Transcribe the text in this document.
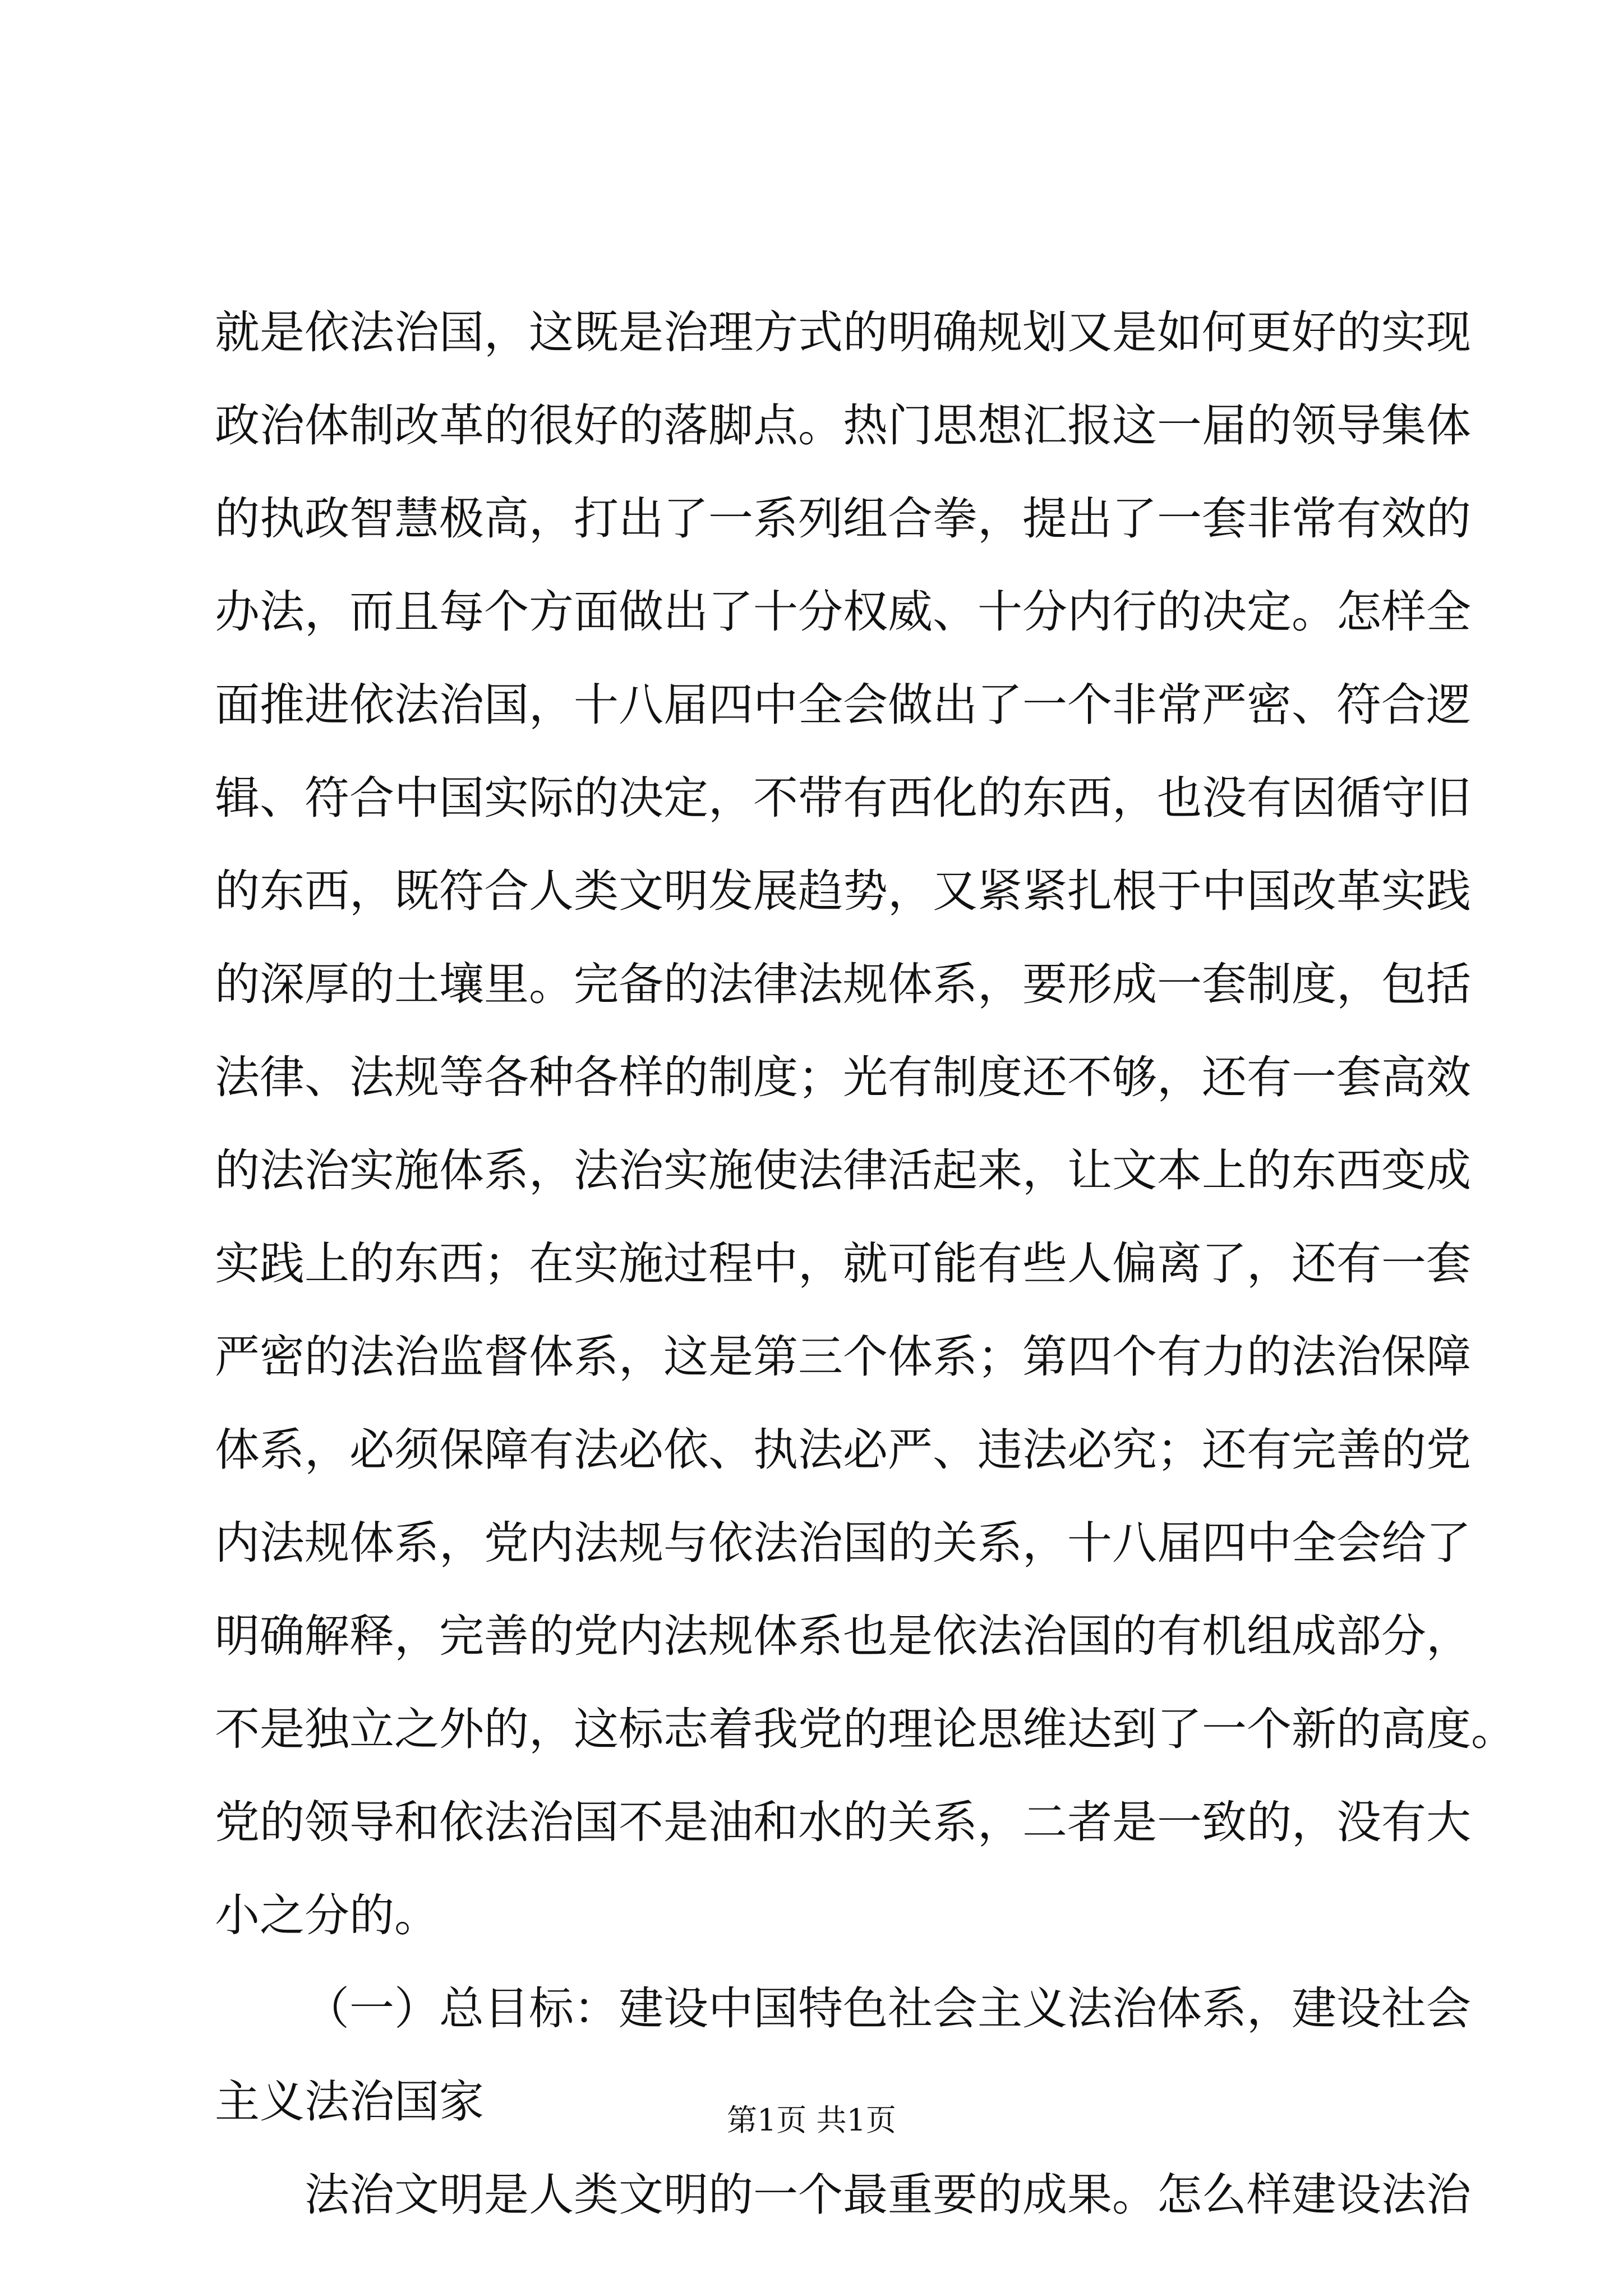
就是依法治国，这既是治理方式的明确规划又是如何更好的实现
政治体制改革的很好的落脚点。热门思想汇报这一届的领导集体
的执政智慧极高，打出了一系列组合拳，提出了一套非常有效的
办法，而且每个方面做出了十分权威、十分内行的决定。怎样全
面推进依法治国，十八届四中全会做出了一个非常严密、符合逻
辑、符合中国实际的决定，不带有西化的东西，也没有因循守旧
的东西，既符合人类文明发展趋势，又紧紧扎根于中国改革实践
的深厚的土壤里。完备的法律法规体系，要形成一套制度，包括
法律、法规等各种各样的制度；光有制度还不够，还有一套高效
的法治实施体系，法治实施使法律活起来，让文本上的东西变成
实践上的东西；在实施过程中，就可能有些人偏离了，还有一套
严密的法治监督体系，这是第三个体系；第四个有力的法治保障
体系，必须保障有法必依、执法必严、违法必究；还有完善的党
内法规体系，党内法规与依法治国的关系，十八届四中全会给了
明确解释，完善的党内法规体系也是依法治国的有机组成部分，
不是独立之外的，这标志着我党的理论思维达到了一个新的高度。
党的领导和依法治国不是油和水的关系，二者是一致的，没有大
小之分的。
（一）总目标：建设中国特色社会主义法治体系，建设社会
主义法治国家
法治文明是人类文明的一个最重要的成果。怎么样建设法治
第1页 共1页
